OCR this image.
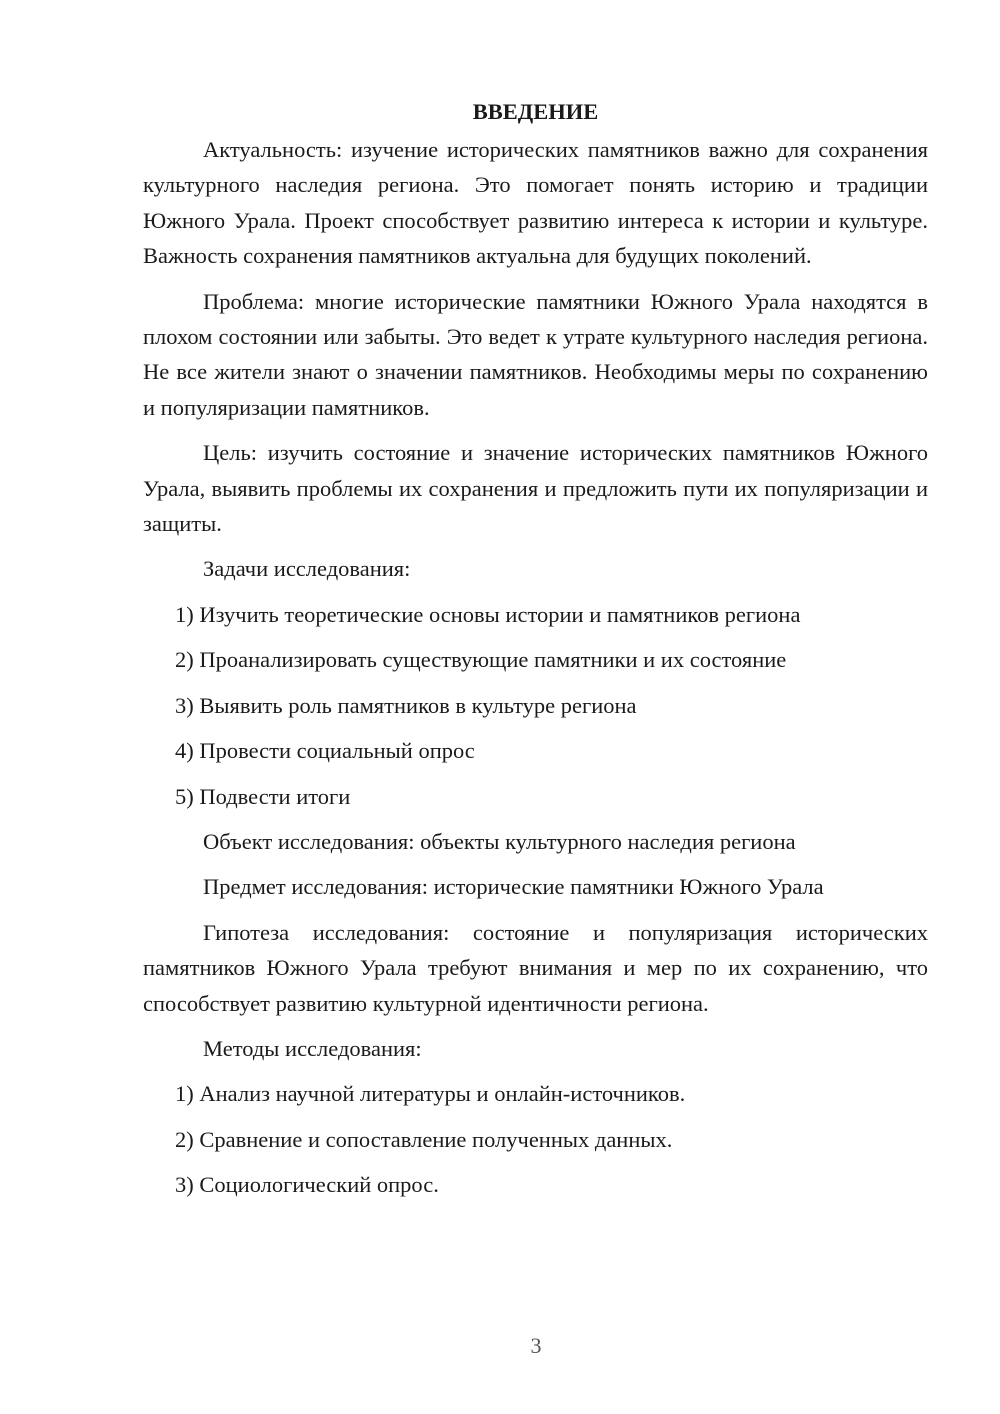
ВВЕДЕНИЕ

Актуальность: изучение исторических памятников важно для сохранения культурного наследия региона. Это помогает понять историю и традиции Южного Урала. Проект способствует развитию интереса к истории и культуре. Важность сохранения памятников актуальна для будущих поколений.

Проблема: многие исторические памятники Южного Урала находятся в плохом состоянии или забыты. Это ведет к утрате культурного наследия региона. Не все жители знают о значении памятников. Необходимы меры по сохранению и популяризации памятников.

Цель: изучить состояние и значение исторических памятников Южного Урала, выявить проблемы их сохранения и предложить пути их популяризации и защиты.

Задачи исследования:
1) Изучить теоретические основы истории и памятников региона
2) Проанализировать существующие памятники и их состояние
3) Выявить роль памятников в культуре региона
4) Провести социальный опрос
5) Подвести итоги
Объект исследования: объекты культурного наследия региона
Предмет исследования: исторические памятники Южного Урала

Гипотеза исследования: состояние и популяризация исторических памятников Южного Урала требуют внимания и мер по их сохранению, что способствует развитию культурной идентичности региона.

Методы исследования:
1) Анализ научной литературы и онлайн-источников.
2) Сравнение и сопоставление полученных данных.
3) Социологический опрос.
3
